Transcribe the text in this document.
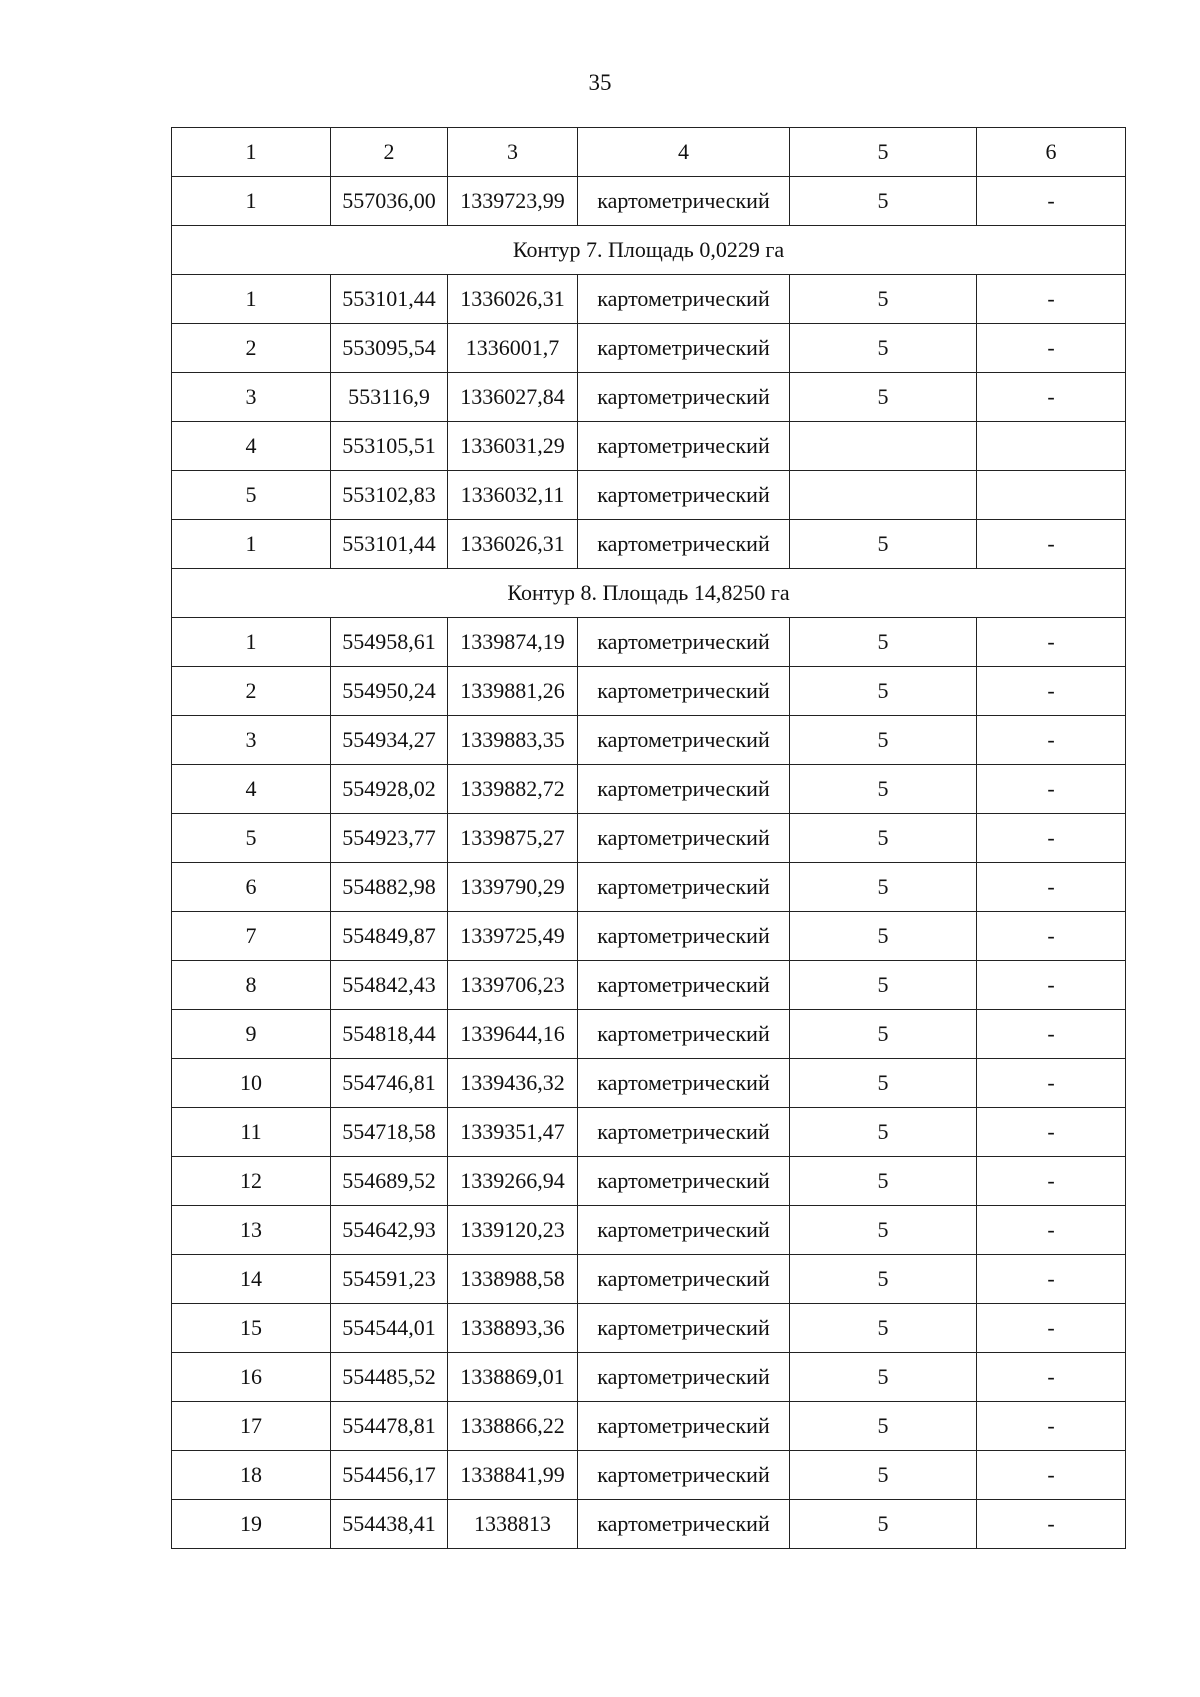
35
1	2	3	4	5	6
1	557036,00	1339723,99	картометрический	5	-
Контур 7. Площадь 0,0229 га					
1	553101,44	1336026,31	картометрический	5	-
2	553095,54	1336001,7	картометрический	5	-
3	553116,9	1336027,84	картометрический	5	-
4	553105,51	1336031,29	картометрический		
5	553102,83	1336032,11	картометрический		
1	553101,44	1336026,31	картометрический	5	-
Контур 8. Площадь 14,8250 га					
1	554958,61	1339874,19	картометрический	5	-
2	554950,24	1339881,26	картометрический	5	-
3	554934,27	1339883,35	картометрический	5	-
4	554928,02	1339882,72	картометрический	5	-
5	554923,77	1339875,27	картометрический	5	-
6	554882,98	1339790,29	картометрический	5	-
7	554849,87	1339725,49	картометрический	5	-
8	554842,43	1339706,23	картометрический	5	-
9	554818,44	1339644,16	картометрический	5	-
10	554746,81	1339436,32	картометрический	5	-
11	554718,58	1339351,47	картометрический	5	-
12	554689,52	1339266,94	картометрический	5	-
13	554642,93	1339120,23	картометрический	5	-
14	554591,23	1338988,58	картометрический	5	-
15	554544,01	1338893,36	картометрический	5	-
16	554485,52	1338869,01	картометрический	5	-
17	554478,81	1338866,22	картометрический	5	-
18	554456,17	1338841,99	картометрический	5	-
19	554438,41	1338813	картометрический	5	-
